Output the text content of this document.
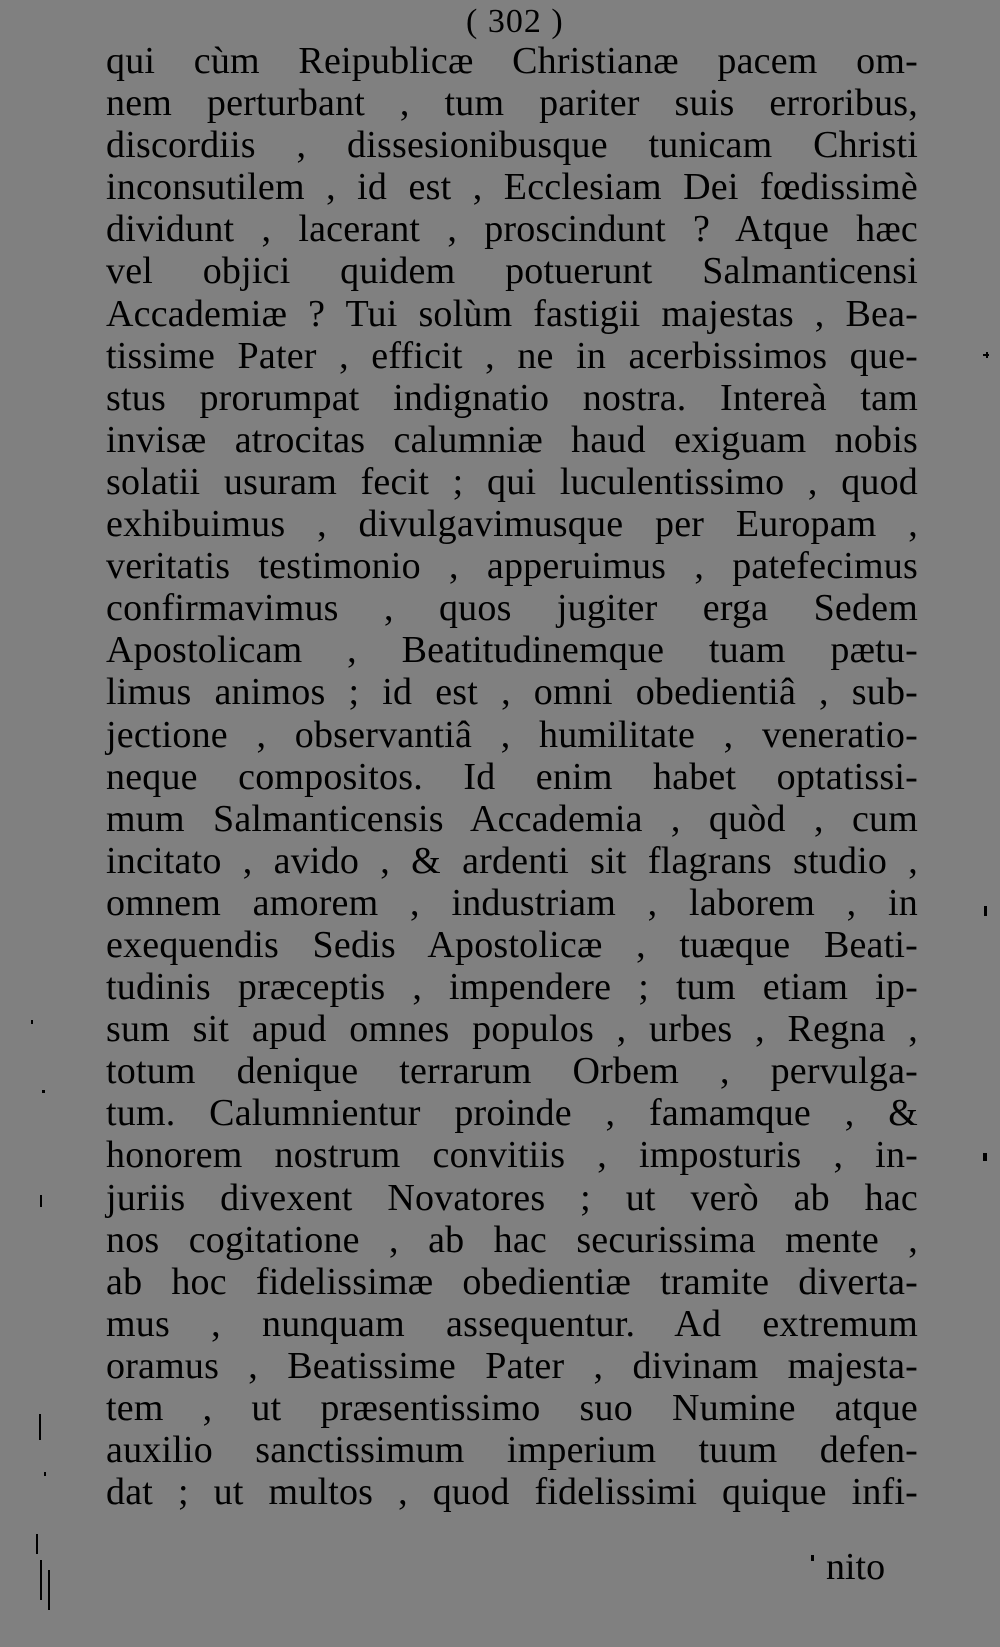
( 302 )
qui cùm Reipublicæ Christianæ pacem om-
nem perturbant , tum pariter suis erroribus,
discordiis , dissesionibusque tunicam Christi
inconsutilem , id est , Ecclesiam Dei fœdissimè
dividunt , lacerant , proscindunt ? Atque hæc
vel objici quidem potuerunt Salmanticensi
Accademiæ ? Tui solùm fastigii majestas , Bea-
tissime Pater , efficit , ne in acerbissimos que-
stus prorumpat indignatio nostra. Intereà tam
invisæ atrocitas calumniæ haud exiguam nobis
solatii usuram fecit ; qui luculentissimo , quod
exhibuimus , divulgavimusque per Europam ,
veritatis testimonio , apperuimus , patefecimus
confirmavimus , quos jugiter erga Sedem
Apostolicam , Beatitudinemque tuam pætu-
limus animos ; id est , omni obedientiâ , sub-
jectione , observantiâ , humilitate , veneratio-
neque compositos. Id enim habet optatissi-
mum Salmanticensis Accademia , quòd , cum
incitato , avido , & ardenti sit flagrans studio ,
omnem amorem , industriam , laborem , in
exequendis Sedis Apostolicæ , tuæque Beati-
tudinis præceptis , impendere ; tum etiam ip-
sum sit apud omnes populos , urbes , Regna ,
totum denique terrarum Orbem , pervulga-
tum. Calumnientur proinde , famamque , &
honorem nostrum convitiis , imposturis , in-
juriis divexent Novatores ; ut verò ab hac
nos cogitatione , ab hac securissima mente ,
ab hoc fidelissimæ obedientiæ tramite diverta-
mus , nunquam assequentur. Ad extremum
oramus , Beatissime Pater , divinam majesta-
tem , ut præsentissimo suo Numine atque
auxilio sanctissimum imperium tuum defen-
dat ; ut multos , quod fidelissimi quique infi-
nito
